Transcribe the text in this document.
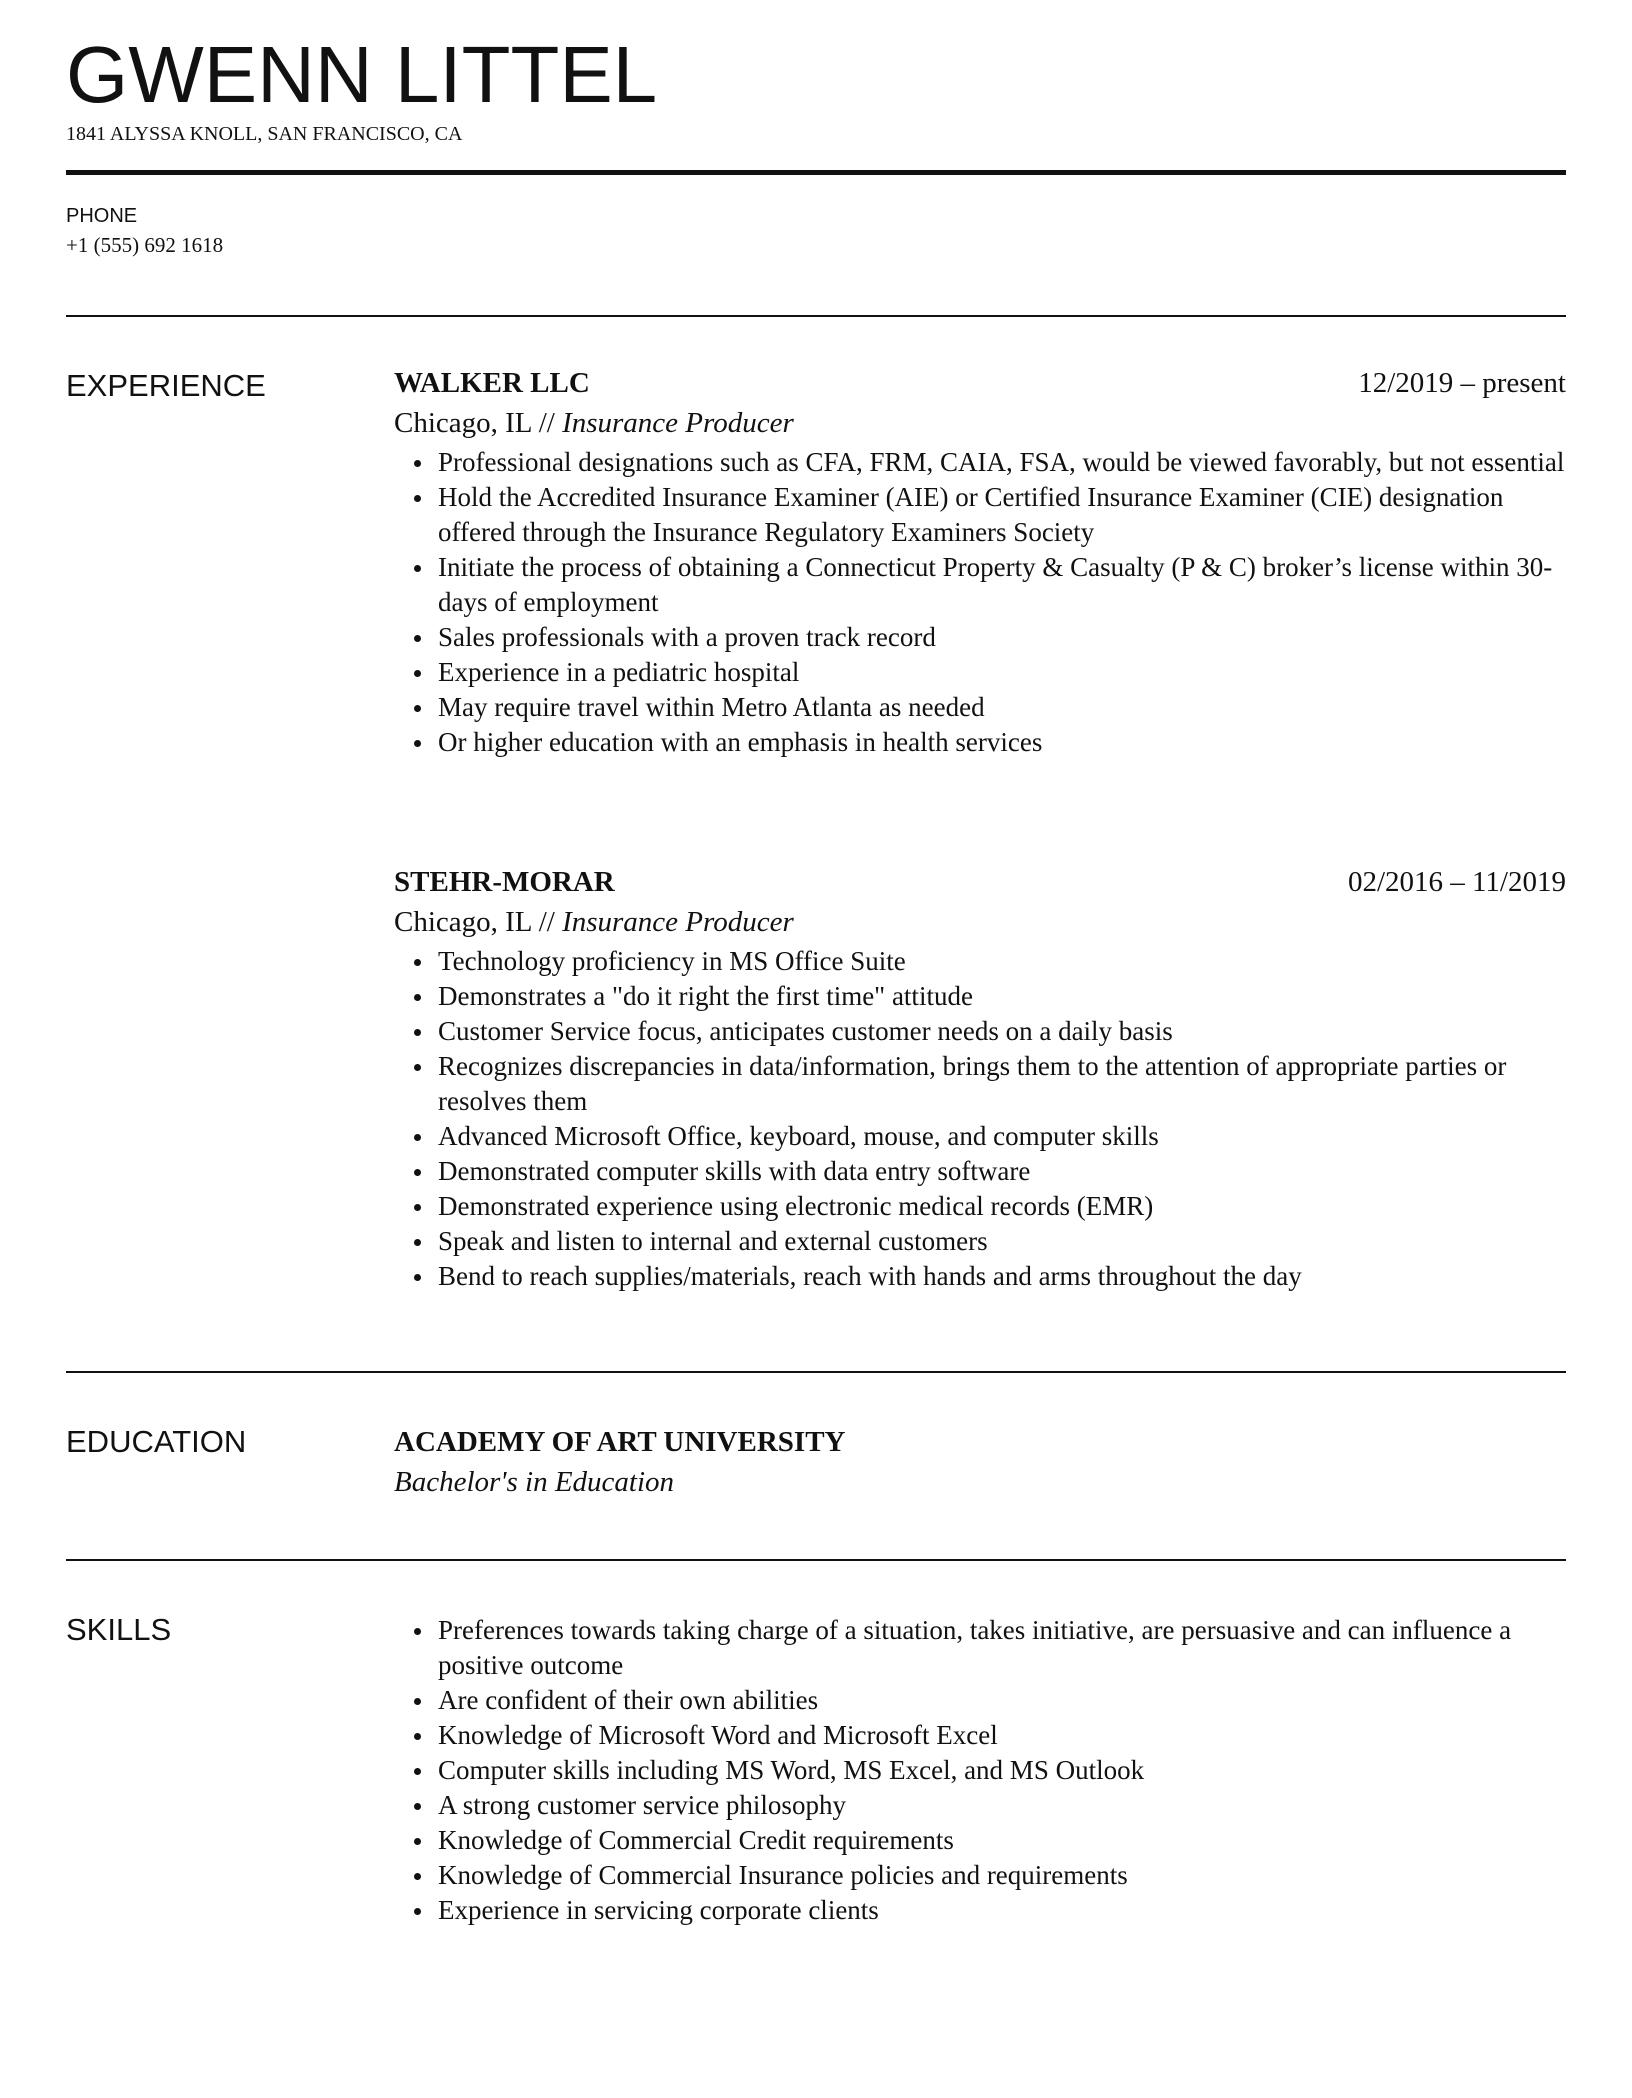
GWENN LITTEL
1841 ALYSSA KNOLL, SAN FRANCISCO, CA
PHONE
+1 (555) 692 1618
EXPERIENCE	WALKER LLC	12/2019 – present
Chicago, IL // Insurance Producer
Professional designations such as CFA, FRM, CAIA, FSA, would be viewed favorably, but not essential
Hold the Accredited Insurance Examiner (AIE) or Certified Insurance Examiner (CIE) designation offered through the Insurance Regulatory Examiners Society
Initiate the process of obtaining a Connecticut Property & Casualty (P & C) broker’s license within 30-days of employment
Sales professionals with a proven track record
Experience in a pediatric hospital
May require travel within Metro Atlanta as needed
Or higher education with an emphasis in health services
STEHR-MORAR	02/2016 – 11/2019
Chicago, IL // Insurance Producer
Technology proficiency in MS Office Suite
Demonstrates a "do it right the first time" attitude
Customer Service focus, anticipates customer needs on a daily basis
Recognizes discrepancies in data/information, brings them to the attention of appropriate parties or resolves them
Advanced Microsoft Office, keyboard, mouse, and computer skills
Demonstrated computer skills with data entry software
Demonstrated experience using electronic medical records (EMR)
Speak and listen to internal and external customers
Bend to reach supplies/materials, reach with hands and arms throughout the day
EDUCATION	ACADEMY OF ART UNIVERSITY
Bachelor's in Education
SKILLS	Preferences towards taking charge of a situation, takes initiative, are persuasive and can influence a positive outcome
Are confident of their own abilities
Knowledge of Microsoft Word and Microsoft Excel
Computer skills including MS Word, MS Excel, and MS Outlook
A strong customer service philosophy
Knowledge of Commercial Credit requirements
Knowledge of Commercial Insurance policies and requirements
Experience in servicing corporate clients
